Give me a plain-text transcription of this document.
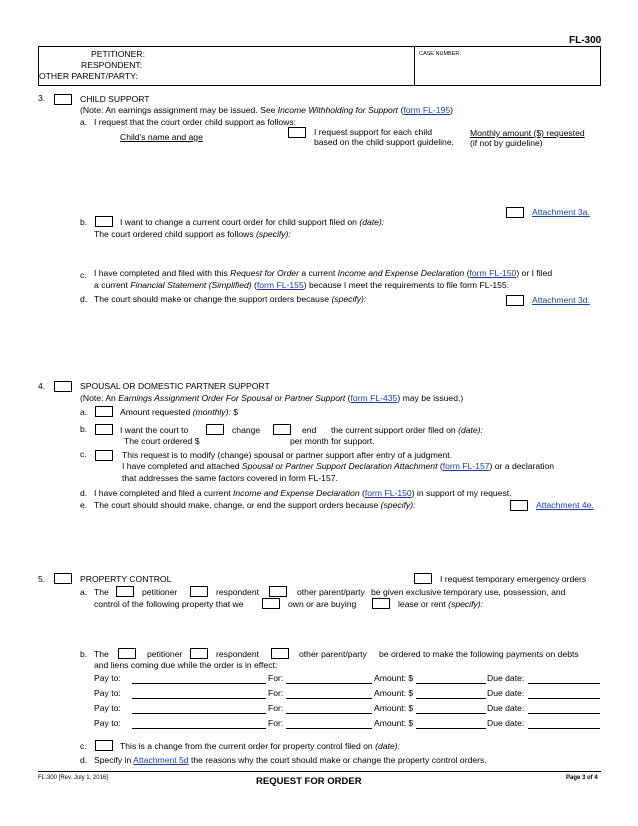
FL-300
PETITIONER:
RESPONDENT:
OTHER PARENT/PARTY:
CASE NUMBER:
3.	CHILD SUPPORT
(Note: An earnings assignment may be issued. See Income Withholding for Support (form FL-195)
a. I request that the court order child support as follows:
Child's name and age	I request support for each child
based on the child support guideline.
Monthly amount ($) requested
(if not by guideline)
Attachment 3a.
b.	I want to change a current court order for child support filed on (date):
The court ordered child support as follows (specify):
c. I have completed and filed with this Request for Order a current Income and Expense Declaration (form FL-150) or I filed
a current Financial Statement (Simplified) (form FL-155) because I meet the requirements to file form FL-155.
d. The court should make or change the support orders because (specify):	Attachment 3d.
4.	SPOUSAL OR DOMESTIC PARTNER SUPPORT
(Note: An Earnings Assignment Order For Spousal or Partner Support (form FL-435) may be issued.)
a.	Amount requested (monthly): $
b.	I want the court to	change	end the current support order filed on (date):
The court ordered $	per month for support.
c.	This request is to modify (change) spousal or partner support after entry of a judgment.
I have completed and attached Spousal or Partner Support Declaration Attachment (form FL-157) or a declaration
that addresses the same factors covered in form FL-157.
d. I have completed and filed a current Income and Expense Declaration (form FL-150) in support of my request.
e. The court should should make, change, or end the support orders because (specify):	Attachment 4e.
5.	PROPERTY CONTROL	I request temporary emergency orders
a. The	petitioner	respondent	other parent/party be given exclusive temporary use, possession, and
control of the following property that we	own or are buying	lease or rent (specify):
b. The	petitioner	respondent	other parent/party be ordered to make the following payments on debts
and liens coming due while the order is in effect:
Pay to:	For:	Amount: $	Due date:
Pay to:	For:	Amount: $	Due date:
Pay to:	For:	Amount: $	Due date:
Pay to:	For:	Amount: $	Due date:
c.	This is a change from the current order for property control filed on (date):
d. Specify in Attachment 5d the reasons why the court should make or change the property control orders.
FL-300 [Rev. July 1, 2016]	REQUEST FOR ORDER	Page 3 of 4
